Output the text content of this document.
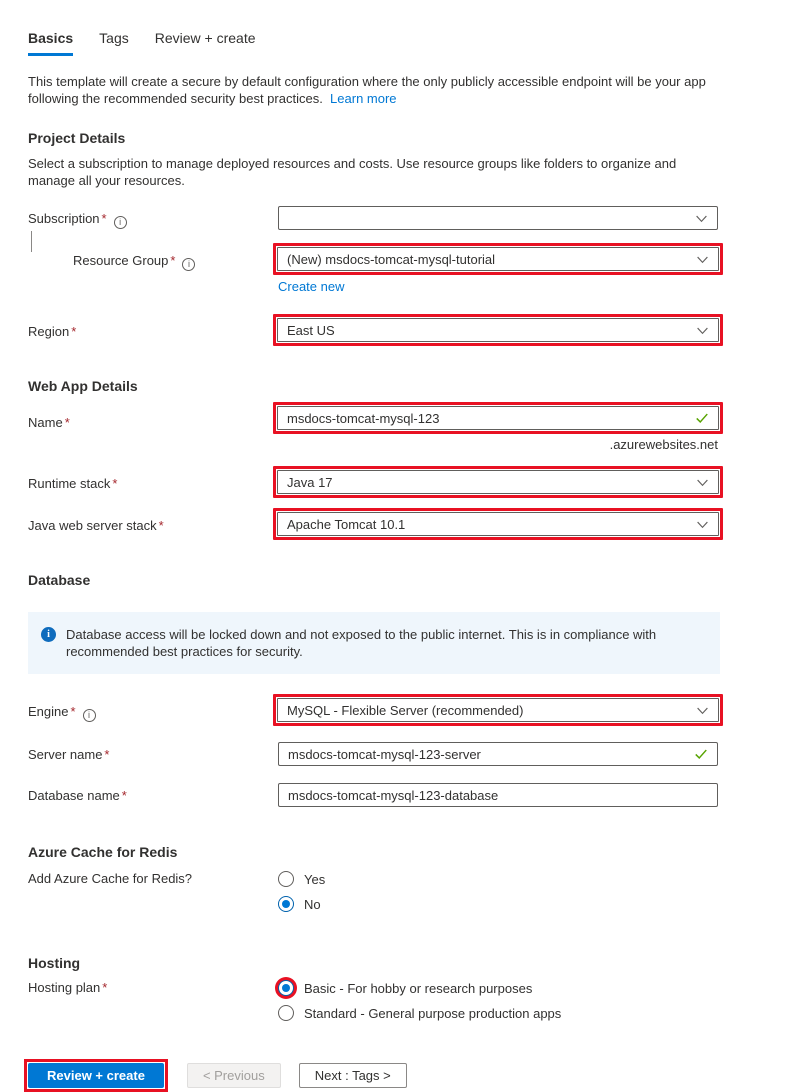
Basics Tags Review + create

This template will create a secure by default configuration where the only publicly accessible endpoint will be your app following the recommended security best practices. Learn more

Project Details

Select a subscription to manage deployed resources and costs. Use resource groups like folders to organize and manage all your resources.

Subscription * i
Resource Group * i	(New) msdocs-tomcat-mysql-tutorial
Create new
Region *	East US
Web App Details
Name *	msdocs-tomcat-mysql-123
.azurewebsites.net
Runtime stack *	Java 17
Java web server stack *	Apache Tomcat 10.1
Database
i	Database access will be locked down and not exposed to the public internet. This is in compliance with recommended best practices for security.
Engine * i	MySQL - Flexible Server (recommended)
Server name *	msdocs-tomcat-mysql-123-server
Database name *	msdocs-tomcat-mysql-123-database
Azure Cache for Redis
Add Azure Cache for Redis?	Yes
No
Hosting
Hosting plan *	Basic - For hobby or research purposes
Standard - General purpose production apps
Review + create	< Previous	Next : Tags >
